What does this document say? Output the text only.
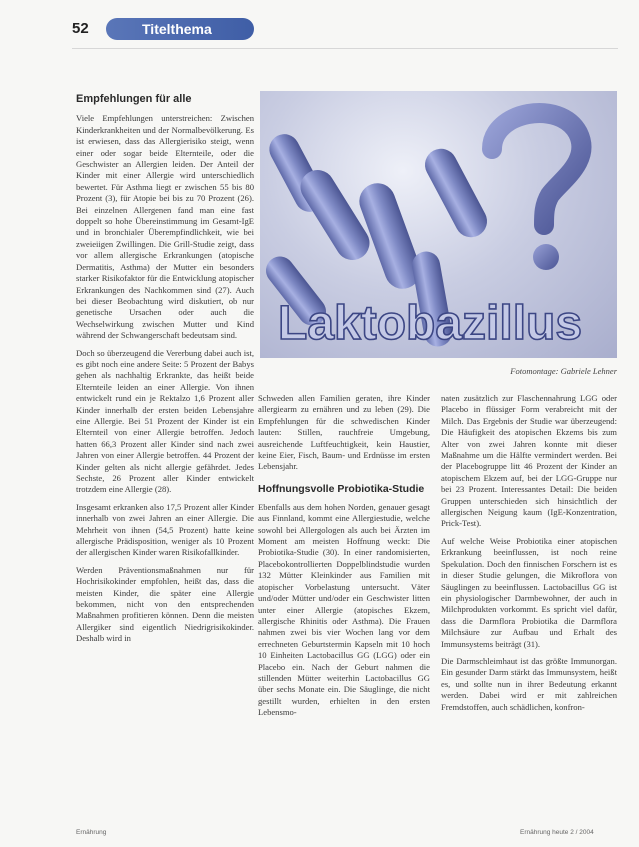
52	Titelthema
Empfehlungen für alle

Viele Empfehlungen unterstreichen: Zwischen Kinderkrankheiten und der Normalbevölkerung. Es ist erwiesen, dass das Allergierisiko steigt, wenn einer oder sogar beide Elternteile, oder die Geschwister an Allergien leiden. Der Anteil der Kinder mit einer Allergie wird unterschiedlich bewertet. Für Asthma liegt er zwischen 55 bis 80 Prozent (3), für Atopie bei bis zu 70 Prozent (26). Bei einzelnen Allergenen fand man eine fast doppelt so hohe Übereinstimmung im Gesamt-IgE und in bronchialer Überempfindlichkeit, wie bei zweieiigen Zwillingen. Die Grill-Studie zeigt, dass vor allem allergische Erkrankungen (atopische Dermatitis, Asthma) der Mutter ein besonders starker Risikofaktor für die Entwicklung atopischer Erkrankungen des Nachkommen sind (27). Auch bei dieser Beobachtung wird diskutiert, ob nur genetische Ursachen oder auch die Wechselwirkung zwischen Mutter und Kind während der Schwangerschaft bedeutsam sind.

Doch so überzeugend die Vererbung dabei auch ist, es gibt noch eine andere Seite: 5 Prozent der Babys gehen als nachhaltig Erkrankte, das heißt beide Elternteile leiden an einer Allergie. Von ihnen entwickelt rund ein je Rektalzo 1,6 Prozent aller Kinder innerhalb der ersten beiden Lebensjahre eine Allergie. Bei 51 Prozent der Kinder ist ein Elternteil von einer Allergie betroffen. Jedoch hatten 66,3 Prozent aller Kinder sind nach zwei Jahren von einer Allergie betroffen. 44 Prozent der Kinder gelten als nicht allergie gefährdet. Jedes Sechste, 26 Prozent aller Kinder entwickelt trotzdem eine Allergie (28).

Insgesamt erkranken also 17,5 Prozent aller Kinder innerhalb von zwei Jahren an einer Allergie. Die Mehrheit von ihnen (54,5 Prozent) hatte keine allergische Prädisposition, weniger als 10 Prozent der allergischen Kinder waren Risikofallkinder.

Werden Präventionsmaßnahmen nur für Hochrisikokinder empfohlen, heißt das, dass die meisten Kinder, die später eine Allergie bekommen, nicht von den entsprechenden Maßnahmen profitieren können. Denn die meisten Allergiker sind eigentlich Niedrigrisikokinder. Deshalb wird in

Laktobazillus
Fotomontage: Gabriele Lehner

Schweden allen Familien geraten, ihre Kinder allergiearm zu ernähren und zu leben (29). Die Empfehlungen für die schwedischen Kinder lauten: Stillen, rauchfreie Umgebung, ausreichende Luftfeuchtigkeit, kein Haustier, keine Eier, Fisch, Baum- und Erdnüsse im ersten Lebensjahr.

Hoffnungsvolle Probiotika-Studie

Ebenfalls aus dem hohen Norden, genauer gesagt aus Finnland, kommt eine Allergiestudie, welche sowohl bei Allergologen als auch bei Ärzten im Moment am meisten Hoffnung weckt: Die Probiotika-Studie (30). In einer randomisierten, Placebokontrollierten Doppelblindstudie wurden 132 Mütter Kleinkinder aus Familien mit atopischer Vorbelastung untersucht. Väter und/oder Mütter und/oder ein Geschwister litten unter einer Allergie (atopisches Ekzem, allergische Rhinitis oder Asthma). Die Frauen nahmen zwei bis vier Wochen lang vor dem errechneten Geburtstermin Kapseln mit 10 hoch 10 Einheiten Lactobacillus GG (LGG) oder ein Placebo ein. Nach der Geburt nahmen die stillenden Mütter weiterhin Lactobacillus GG über sechs Monate ein. Die Säuglinge, die nicht gestillt wurden, erhielten in den ersten Lebensmo-

naten zusätzlich zur Flaschennahrung LGG oder Placebo in flüssiger Form verabreicht mit der Milch. Das Ergebnis der Studie war überzeugend: Die Häufigkeit des atopischen Ekzems bis zum Alter von zwei Jahren konnte mit dieser Maßnahme um die Hälfte vermindert werden. Bei der Placebogruppe litt 46 Prozent der Kinder an atopischem Ekzem auf, bei der LGG-Gruppe nur bei 23 Prozent. Interessantes Detail: Die beiden Gruppen unterschieden sich hinsichtlich der allergischen Neigung kaum (IgE-Konzentration, Prick-Test).

Auf welche Weise Probiotika einer atopischen Erkrankung beeinflussen, ist noch reine Spekulation. Doch den finnischen Forschern ist es in dieser Studie gelungen, die Mikroflora von Säuglingen zu beeinflussen. Lactobacillus GG ist ein physiologischer Darmbewohner, der auch in Milchprodukten vorkommt. Es spricht viel dafür, dass die Darmflora Probiotika die Darmflora Milchsäure zur Aufbau und Erhalt des Immunsystems beiträgt (31).

Die Darmschleimhaut ist das größte Immunorgan. Ein gesunder Darm stärkt das Immunsystem, heißt es, und sollte nun in ihrer Bedeutung erkannt werden. Dabei wird er mit zahlreichen Fremdstoffen, auch schädlichen, konfron-

Ernährung	Ernährung heute 2 / 2004
